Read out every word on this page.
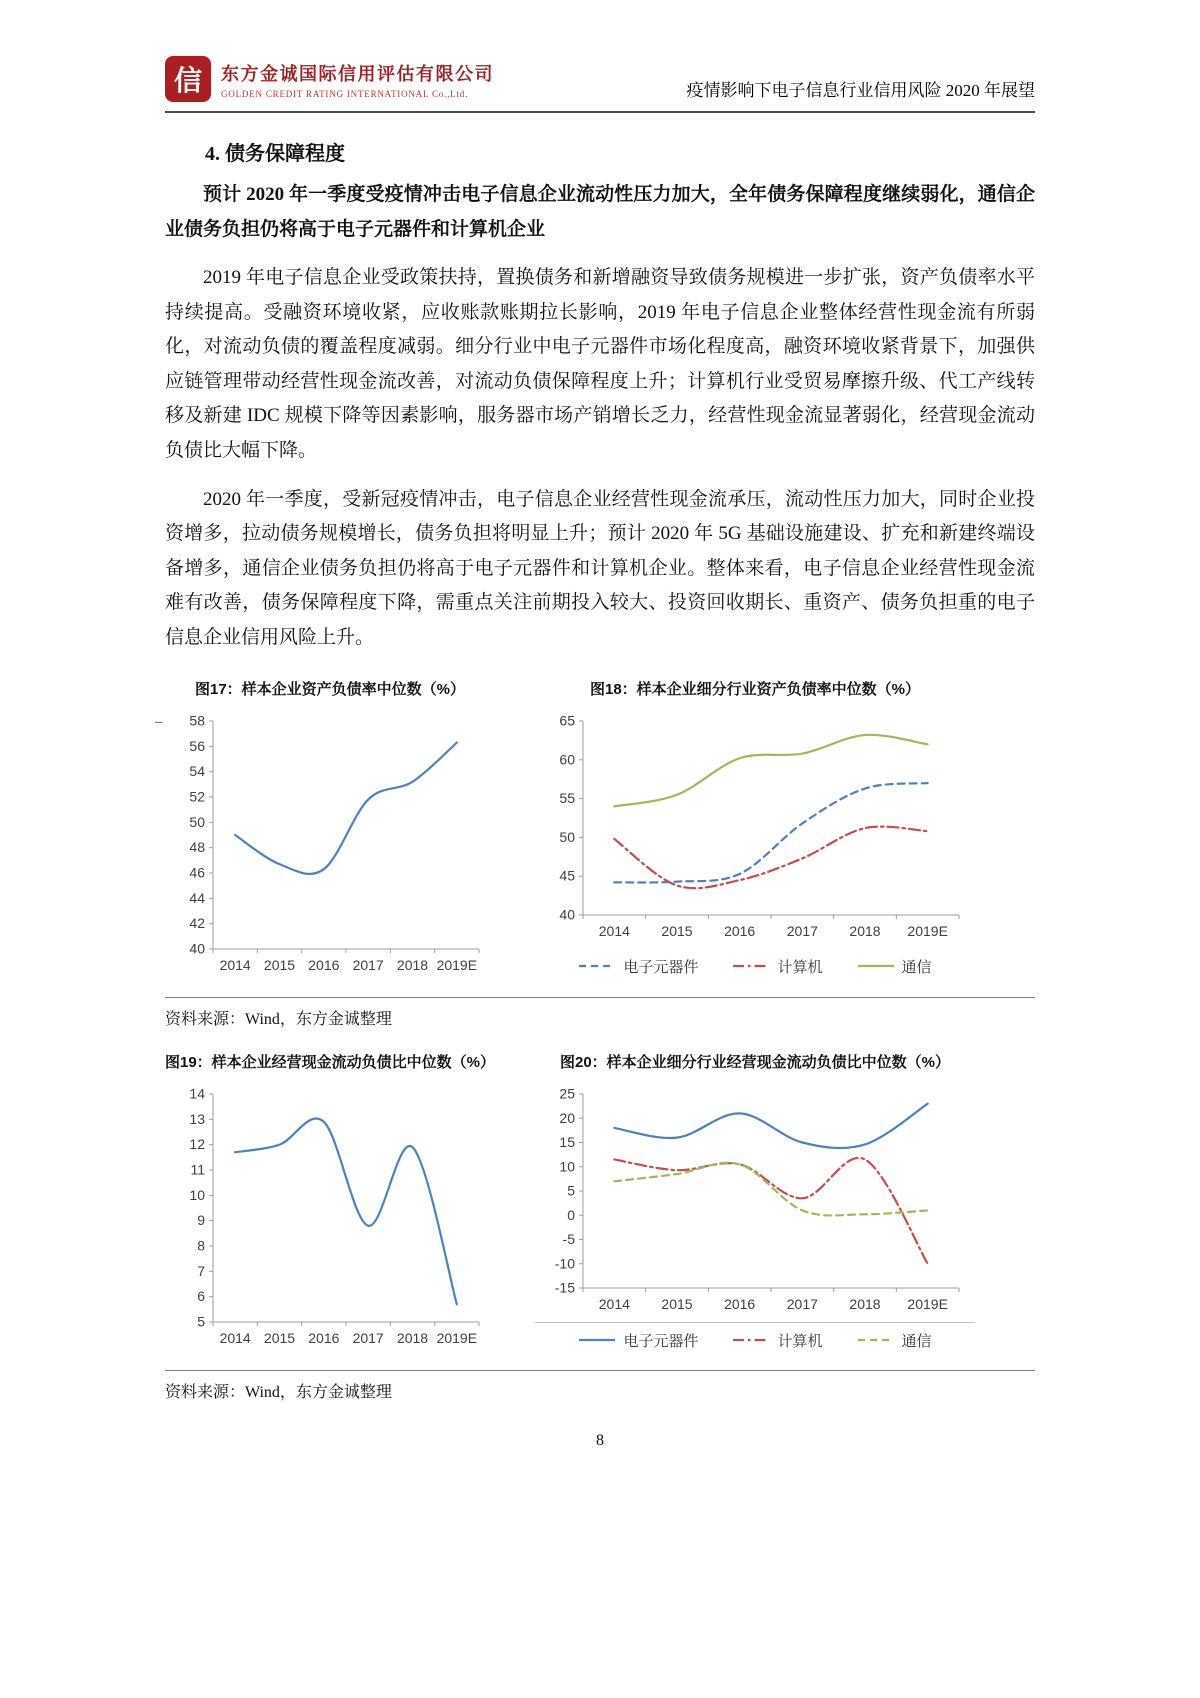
信 东方金诚国际信用评估有限公司
GOLDEN CREDIT RATING INTERNATIONAL Co.,Ltd.	疫情影响下电子信息行业信用风险 2020 年展望
4. 债务保障程度

预计 2020 年一季度受疫情冲击电子信息企业流动性压力加大，全年债务保障程度继续弱化，通信企业债务负担仍将高于电子元器件和计算机企业

2019 年电子信息企业受政策扶持，置换债务和新增融资导致债务规模进一步扩张，资产负债率水平持续提高。受融资环境收紧，应收账款账期拉长影响，2019 年电子信息企业整体经营性现金流有所弱化，对流动负债的覆盖程度减弱。细分行业中电子元器件市场化程度高，融资环境收紧背景下，加强供应链管理带动经营性现金流改善，对流动负债保障程度上升；计算机行业受贸易摩擦升级、代工产线转移及新建 IDC 规模下降等因素影响，服务器市场产销增长乏力，经营性现金流显著弱化，经营现金流动负债比大幅下降。

2020 年一季度，受新冠疫情冲击，电子信息企业经营性现金流承压，流动性压力加大，同时企业投资增多，拉动债务规模增长，债务负担将明显上升；预计 2020 年 5G 基础设施建设、扩充和新建终端设备增多，通信企业债务负担仍将高于电子元器件和计算机企业。整体来看，电子信息企业经营性现金流难有改善，债务保障程度下降，需重点关注前期投入较大、投资回收期长、重资产、债务负担重的电子信息企业信用风险上升。

图17：样本企业资产负债率中位数（%）
–
40
42
44
46
48
50
52
54
56
58
2014 2015 2016 2017 2018 2019E
图18：样本企业细分行业资产负债率中位数（%）
40
45
50
55
60
65
2014 2015 2016 2017 2018 2019E
电子元器件	计算机	通信
资料来源：Wind，东方金诚整理
图19：样本企业经营现金流动负债比中位数（%）
5
6
7
8
9
10
11
12
13
14
2014 2015 2016 2017 2018 2019E
图20：样本企业细分行业经营现金流动负债比中位数（%）
-15
-10
-5
0
5
10
15
20
25
2014 2015 2016 2017 2018 2019E
电子元器件	计算机	通信
资料来源：Wind，东方金诚整理
8
